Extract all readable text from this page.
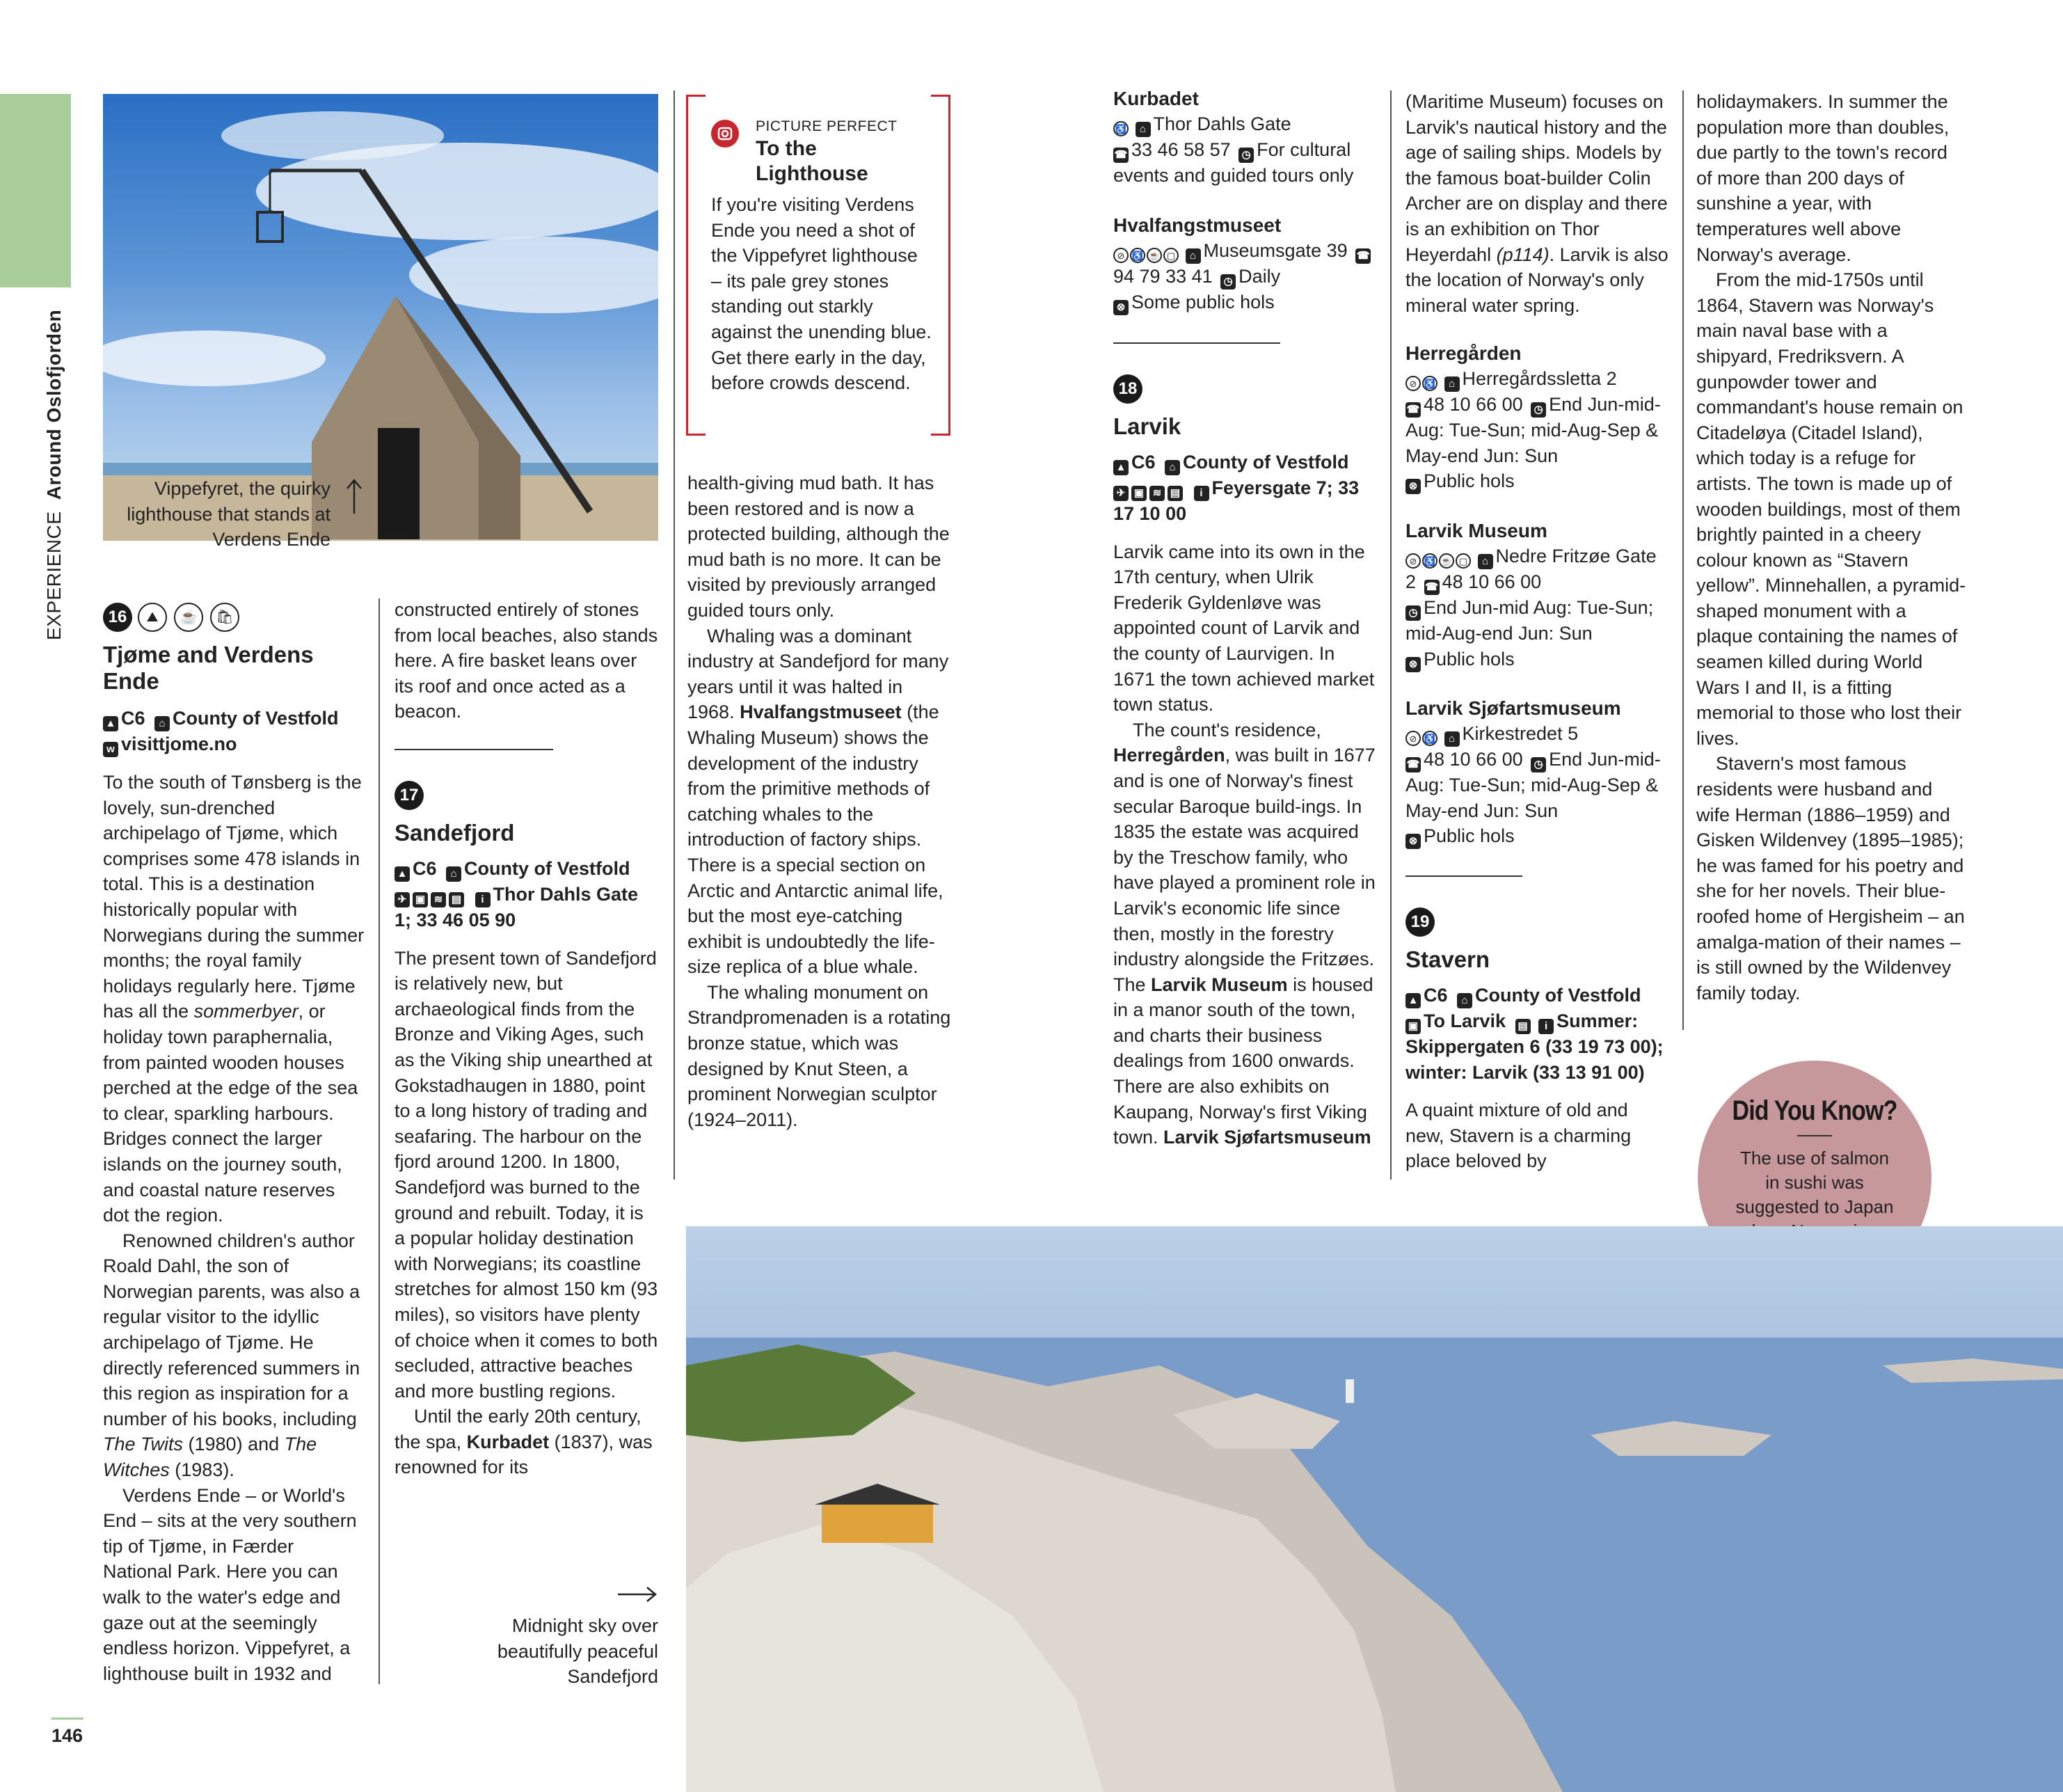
EXPERIENCE Around Oslofjorden
146
Vippefyret, the quirky lighthouse that stands at Verdens Ende
PICTURE PERFECT
To the Lighthouse
If you're visiting Verdens Ende you need a shot of the Vippefyret lighthouse – its pale grey stones standing out starkly against the unending blue. Get there early in the day, before crowds descend.
16	⛰	☕	🛍
Tjøme and Verdens Ende
▲ C6 ⌂ County of Vestfold
w visittjome.no

To the south of Tønsberg is the lovely, sun-drenched archipelago of Tjøme, which comprises some 478 islands in total. This is a destination historically popular with Norwegians during the summer months; the royal family holidays regularly here. Tjøme has all the sommerbyer, or holiday town paraphernalia, from painted wooden houses perched at the edge of the sea to clear, sparkling harbours. Bridges connect the larger islands on the journey south, and coastal nature reserves dot the region.

Renowned children's author Roald Dahl, the son of Norwegian parents, was also a regular visitor to the idyllic archipelago of Tjøme. He directly referenced summers in this region as inspiration for a number of his books, including The Twits (1980) and The Witches (1983).

Verdens Ende – or World's End – sits at the very southern tip of Tjøme, in Færder National Park. Here you can walk to the water's edge and gaze out at the seemingly endless horizon. Vippefyret, a lighthouse built in 1932 and

constructed entirely of stones from local beaches, also stands here. A fire basket leans over its roof and once acted as a beacon.

17
Sandefjord
▲ C6 ⌂ County of Vestfold
✈ ▣ ≋ ▤ i Thor Dahls Gate 1; 33 46 05 90

The present town of Sandefjord is relatively new, but archaeological finds from the Bronze and Viking Ages, such as the Viking ship unearthed at Gokstadhaugen in 1880, point to a long history of trading and seafaring. The harbour on the fjord around 1200. In 1800, Sandefjord was burned to the ground and rebuilt. Today, it is a popular holiday destination with Norwegians; its coastline stretches for almost 150 km (93 miles), so visitors have plenty of choice when it comes to both secluded, attractive beaches and more bustling regions.

Until the early 20th century, the spa, Kurbadet (1837), was renowned for its

Midnight sky over beautifully peaceful Sandefjord

health-giving mud bath. It has been restored and is now a protected building, although the mud bath is no more. It can be visited by previously arranged guided tours only.

Whaling was a dominant industry at Sandefjord for many years until it was halted in 1968. Hvalfangstmuseet (the Whaling Museum) shows the development of the industry from the primitive methods of catching whales to the introduction of factory ships. There is a special section on Arctic and Antarctic animal life, but the most eye-catching exhibit is undoubtedly the life-size replica of a blue whale.

The whaling monument on Strandpromenaden is a rotating bronze statue, which was designed by Knut Steen, a prominent Norwegian sculptor (1924–2011).

Kurbadet
♿ ⌂ Thor Dahls Gate
☎ 33 46 58 57 ◷ For cultural events and guided tours only
Hvalfangstmuseet
⊘ ♿ ☕ ▢ ⌂ Museumsgate 39 ☎94 79 33 41 ◷ Daily
⊗ Some public hols
18
Larvik
▲ C6 ⌂ County of Vestfold
✈ ▣ ≋ ▤ i Feyersgate 7; 33 17 10 00

Larvik came into its own in the 17th century, when Ulrik Frederik Gyldenløve was appointed count of Larvik and the county of Laurvigen. In 1671 the town achieved market town status.

The count's residence, Herregården, was built in 1677 and is one of Norway's finest secular Baroque build-ings. In 1835 the estate was acquired by the Treschow family, who have played a prominent role in Larvik's economic life since then, mostly in the forestry industry alongside the Fritzøes. The Larvik Museum is housed in a manor south of the town, and charts their business dealings from 1600 onwards. There are also exhibits on Kaupang, Norway's first Viking town. Larvik Sjøfartsmuseum

(Maritime Museum) focuses on Larvik's nautical history and the age of sailing ships. Models by the famous boat-builder Colin Archer are on display and there is an exhibition on Thor Heyerdahl (p114). Larvik is also the location of Norway's only mineral water spring.

Herregården
⊘ ♿ ⌂ Herregårdssletta 2
☎ 48 10 66 00 ◷ End Jun-mid-Aug: Tue-Sun; mid-Aug-Sep & May-end Jun: Sun
⊗ Public hols
Larvik Museum
⊘ ♿ ☕ ▢ ⌂ Nedre Fritzøe Gate 2 ☎ 48 10 66 00
◷ End Jun-mid Aug: Tue-Sun; mid-Aug-end Jun: Sun
⊗ Public hols
Larvik Sjøfartsmuseum
⊘ ♿ ⌂ Kirkestredet 5
☎ 48 10 66 00 ◷ End Jun-mid-Aug: Tue-Sun; mid-Aug-Sep & May-end Jun: Sun
⊗ Public hols
19
Stavern
▲ C6 ⌂ County of Vestfold
▣ To Larvik ▤ i Summer: Skippergaten 6 (33 19 73 00); winter: Larvik (33 13 91 00)

A quaint mixture of old and new, Stavern is a charming place beloved by

holidaymakers. In summer the population more than doubles, due partly to the town's record of more than 200 days of sunshine a year, with temperatures well above Norway's average.

From the mid-1750s until 1864, Stavern was Norway's main naval base with a shipyard, Fredriksvern. A gunpowder tower and commandant's house remain on Citadeløya (Citadel Island), which today is a refuge for artists. The town is made up of wooden buildings, most of them brightly painted in a cheery colour known as “Stavern yellow”. Minnehallen, a pyramid-shaped monument with a plaque containing the names of seamen killed during World Wars I and II, is a fitting memorial to those who lost their lives.

Stavern's most famous residents were husband and wife Herman (1886–1959) and Gisken Wildenvey (1895–1985); he was famed for his poetry and she for her novels. Their blue-roofed home of Hergisheim – an amalga-mation of their names – is still owned by the Wildenvey family today.

Did You Know?
The use of salmon in sushi was suggested to Japan
